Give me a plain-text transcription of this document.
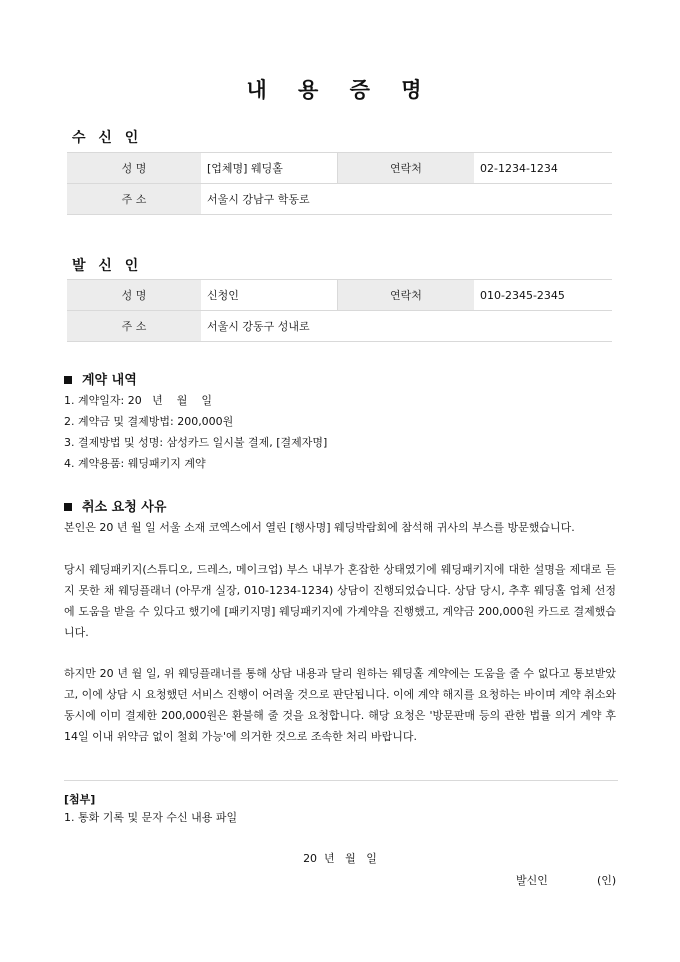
내 용 증 명
수 신 인
성 명	[업체명] 웨딩홀	연락처	02-1234-1234
주 소	서울시 강남구 학동로		
발 신 인
성 명	신청인	연락처	010-2345-2345
주 소	서울시 강동구 성내로		
계약 내역
1. 계약일자: 20   년    월    일
2. 계약금 및 결제방법: 200,000원
3. 결제방법 및 성명: 삼성카드 일시불 결제, [결제자명]
4. 계약용품: 웨딩패키지 계약
취소 요청 사유
본인은 20 년 월 일 서울 소재 코엑스에서 열린 [행사명] 웨딩박람회에 참석해 귀사의 부스를 방문했습니다.
당시 웨딩패키지(스튜디오, 드레스, 메이크업) 부스 내부가 혼잡한 상태였기에 웨딩패키지에 대한 설명을 제대로 듣지 못한 채 웨딩플래너 (아무개 실장, 010-1234-1234) 상담이 진행되었습니다. 상담 당시, 추후 웨딩홀 업체 선정에 도움을 받을 수 있다고 했기에 [패키지명] 웨딩패키지에 가계약을 진행했고, 계약금 200,000원 카드로 결제했습니다.
하지만 20 년 월 일, 위 웨딩플래너를 통해 상담 내용과 달리 원하는 웨딩홀 계약에는 도움을 줄 수 없다고 통보받았고, 이에 상담 시 요청했던 서비스 진행이 어려울 것으로 판단됩니다. 이에 계약 해지를 요청하는 바이며 계약 취소와 동시에 이미 결제한 200,000원은 환불해 줄 것을 요청합니다. 해당 요청은 '방문판매 등의 관한 법률 의거 계약 후 14일 이내 위약금 없이 철회 가능'에 의거한 것으로 조속한 처리 바랍니다.
[첨부]
1. 통화 기록 및 문자 수신 내용 파일
20  년   월   일
발신인	(인)
